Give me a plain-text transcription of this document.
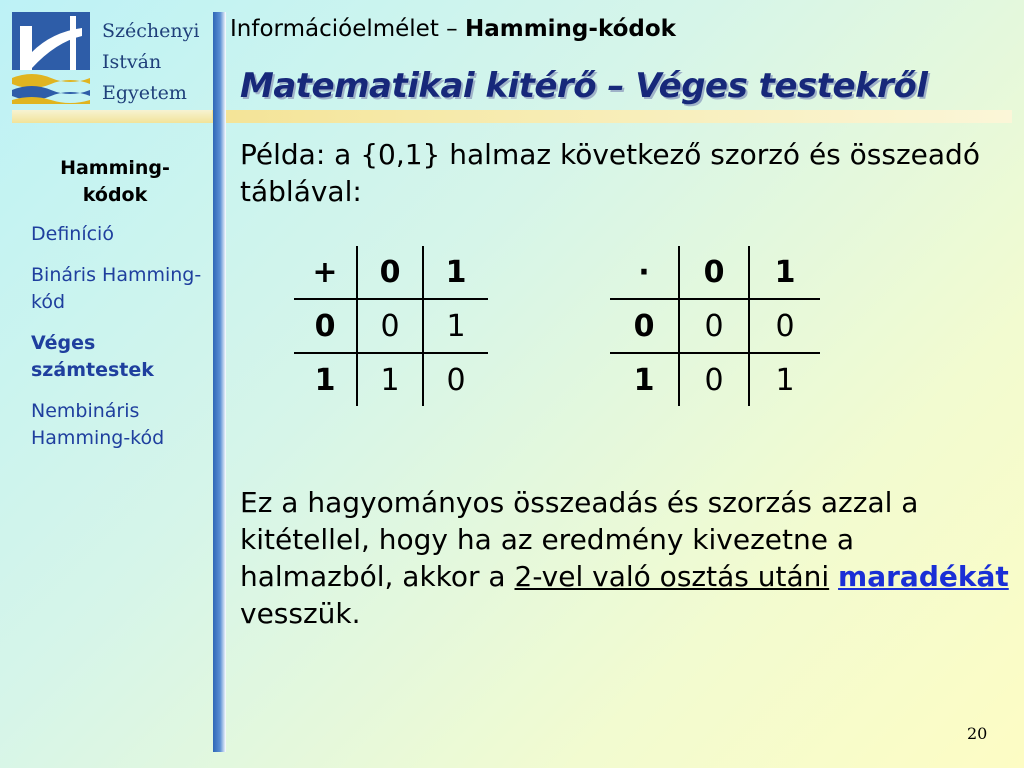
Széchenyi
István
Egyetem
Információelmélet – Hamming-kódok
Matematikai kitérő – Véges testekről
Hamming-
kódok
Definíció
Bináris Hamming-kód
Véges számtestek
Nembináris Hamming-kód
Példa: a {0,1} halmaz következő szorzó és összeadó táblával:
+	0	1
0	0	1
1	1	0
·	0	1
0	0	0
1	0	1
Ez a hagyományos összeadás és szorzás azzal a kitétellel, hogy ha az eredmény kivezetne a halmazból, akkor a 2-vel való osztás utáni maradékát vesszük.
20
